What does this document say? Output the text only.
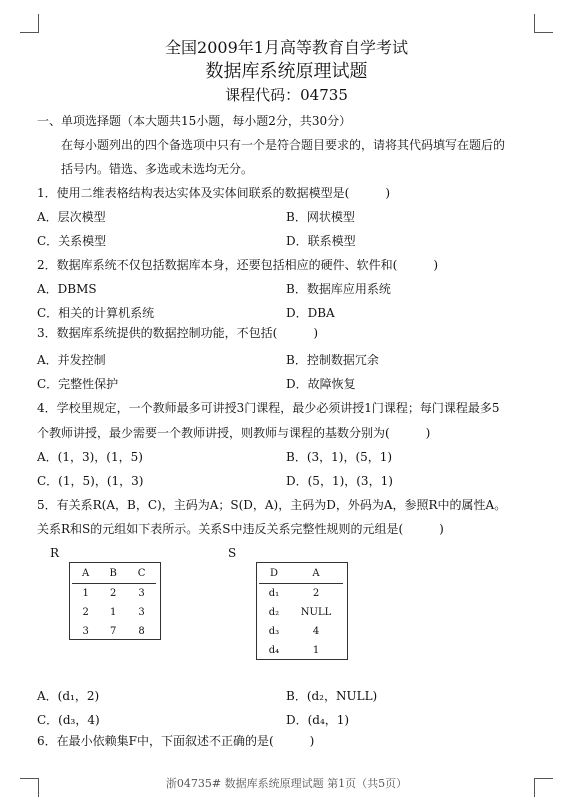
全国2009年1月高等教育自学考试
数据库系统原理试题
课程代码：04735
一、单项选择题（本大题共15小题，每小题2分，共30分）
在每小题列出的四个备选项中只有一个是符合题目要求的，请将其代码填写在题后的
括号内。错选、多选或未选均无分。
1．使用二维表格结构表达实体及实体间联系的数据模型是(　　　)
A．层次模型	B．网状模型
C．关系模型	D．联系模型
2．数据库系统不仅包括数据库本身，还要包括相应的硬件、软件和(　　　)
A．DBMS	B．数据库应用系统
C．相关的计算机系统	D．DBA
3．数据库系统提供的数据控制功能，不包括(　　　)
A．并发控制	B．控制数据冗余
C．完整性保护	D．故障恢复
4．学校里规定，一个教师最多可讲授3门课程，最少必须讲授1门课程；每门课程最多5
个教师讲授，最少需要一个教师讲授，则教师与课程的基数分别为(　　　)
A．(1，3)，(1，5)	B．(3，1)，(5，1)
C．(1，5)，(1，3)	D．(5，1)，(3，1)
5．有关系R(A，B，C)，主码为A；S(D，A)，主码为D，外码为A，参照R中的属性A。
关系R和S的元组如下表所示。关系S中违反关系完整性规则的元组是(　　　)
R
A	B	C
1	2	3
2	1	3
3	7	8
S
D	A
d₁	2
d₂	NULL
d₃	4
d₄	1
A．(d₁，2)	B．(d₂，NULL)
C．(d₃，4)	D．(d₄，1)
6．在最小依赖集F中，下面叙述不正确的是(　　　)
浙04735# 数据库系统原理试题 第1页（共5页）
